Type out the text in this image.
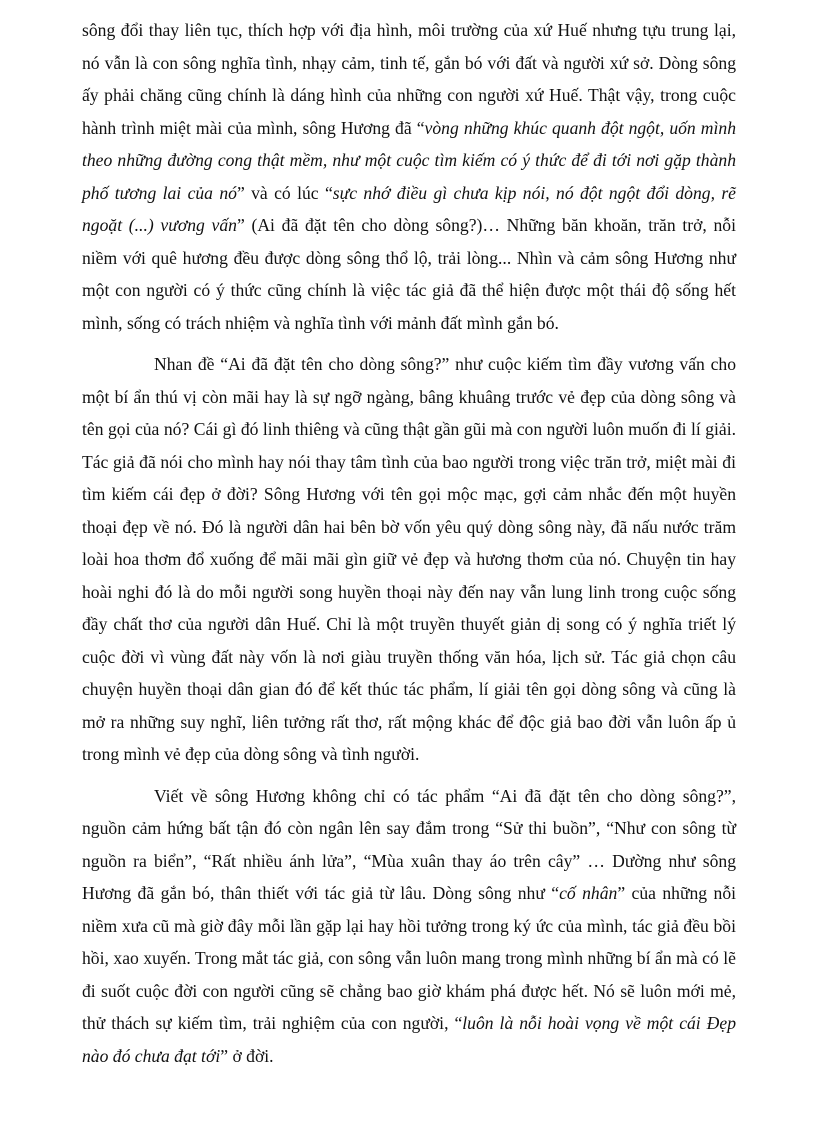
sông đổi thay liên tục, thích hợp với địa hình, môi trường của xứ Huế nhưng tựu trung lại, nó vẫn là con sông nghĩa tình, nhạy cảm, tinh tế, gắn bó với đất và người xứ sở. Dòng sông ấy phải chăng cũng chính là dáng hình của những con người xứ Huế. Thật vậy, trong cuộc hành trình miệt mài của mình, sông Hương đã “vòng những khúc quanh đột ngột, uốn mình theo những đường cong thật mềm, như một cuộc tìm kiếm có ý thức để đi tới nơi gặp thành phố tương lai của nó” và có lúc “sực nhớ điều gì chưa kịp nói, nó đột ngột đổi dòng, rẽ ngoặt (...) vương vấn” (Ai đã đặt tên cho dòng sông?)… Những băn khoăn, trăn trở, nỗi niềm với quê hương đều được dòng sông thổ lộ, trải lòng... Nhìn và cảm sông Hương như một con người có ý thức cũng chính là việc tác giả đã thể hiện được một thái độ sống hết mình, sống có trách nhiệm và nghĩa tình với mảnh đất mình gắn bó.

Nhan đề “Ai đã đặt tên cho dòng sông?” như cuộc kiếm tìm đầy vương vấn cho một bí ẩn thú vị còn mãi hay là sự ngỡ ngàng, bâng khuâng trước vẻ đẹp của dòng sông và tên gọi của nó? Cái gì đó linh thiêng và cũng thật gần gũi mà con người luôn muốn đi lí giải. Tác giả đã nói cho mình hay nói thay tâm tình của bao người trong việc trăn trở, miệt mài đi tìm kiếm cái đẹp ở đời? Sông Hương với tên gọi mộc mạc, gợi cảm nhắc đến một huyền thoại đẹp về nó. Đó là người dân hai bên bờ vốn yêu quý dòng sông này, đã nấu nước trăm loài hoa thơm đổ xuống để mãi mãi gìn giữ vẻ đẹp và hương thơm của nó. Chuyện tin hay hoài nghi đó là do mỗi người song huyền thoại này đến nay vẫn lung linh trong cuộc sống đầy chất thơ của người dân Huế. Chỉ là một truyền thuyết giản dị song có ý nghĩa triết lý cuộc đời vì vùng đất này vốn là nơi giàu truyền thống văn hóa, lịch sử. Tác giả chọn câu chuyện huyền thoại dân gian đó để kết thúc tác phẩm, lí giải tên gọi dòng sông và cũng là mở ra những suy nghĩ, liên tưởng rất thơ, rất mộng khác để độc giả bao đời vẫn luôn ấp ủ trong mình vẻ đẹp của dòng sông và tình người.

Viết về sông Hương không chỉ có tác phẩm “Ai đã đặt tên cho dòng sông?”, nguồn cảm hứng bất tận đó còn ngân lên say đắm trong “Sử thi buồn”, “Như con sông từ nguồn ra biển”, “Rất nhiều ánh lửa”, “Mùa xuân thay áo trên cây” … Dường như sông Hương đã gắn bó, thân thiết với tác giả từ lâu. Dòng sông như “cố nhân” của những nỗi niềm xưa cũ mà giờ đây mỗi lần gặp lại hay hồi tưởng trong ký ức của mình, tác giả đều bồi hồi, xao xuyến. Trong mắt tác giả, con sông vẫn luôn mang trong mình những bí ẩn mà có lẽ đi suốt cuộc đời con người cũng sẽ chẳng bao giờ khám phá được hết. Nó sẽ luôn mới mẻ, thử thách sự kiếm tìm, trải nghiệm của con người, “luôn là nỗi hoài vọng về một cái Đẹp nào đó chưa đạt tới” ở đời.
